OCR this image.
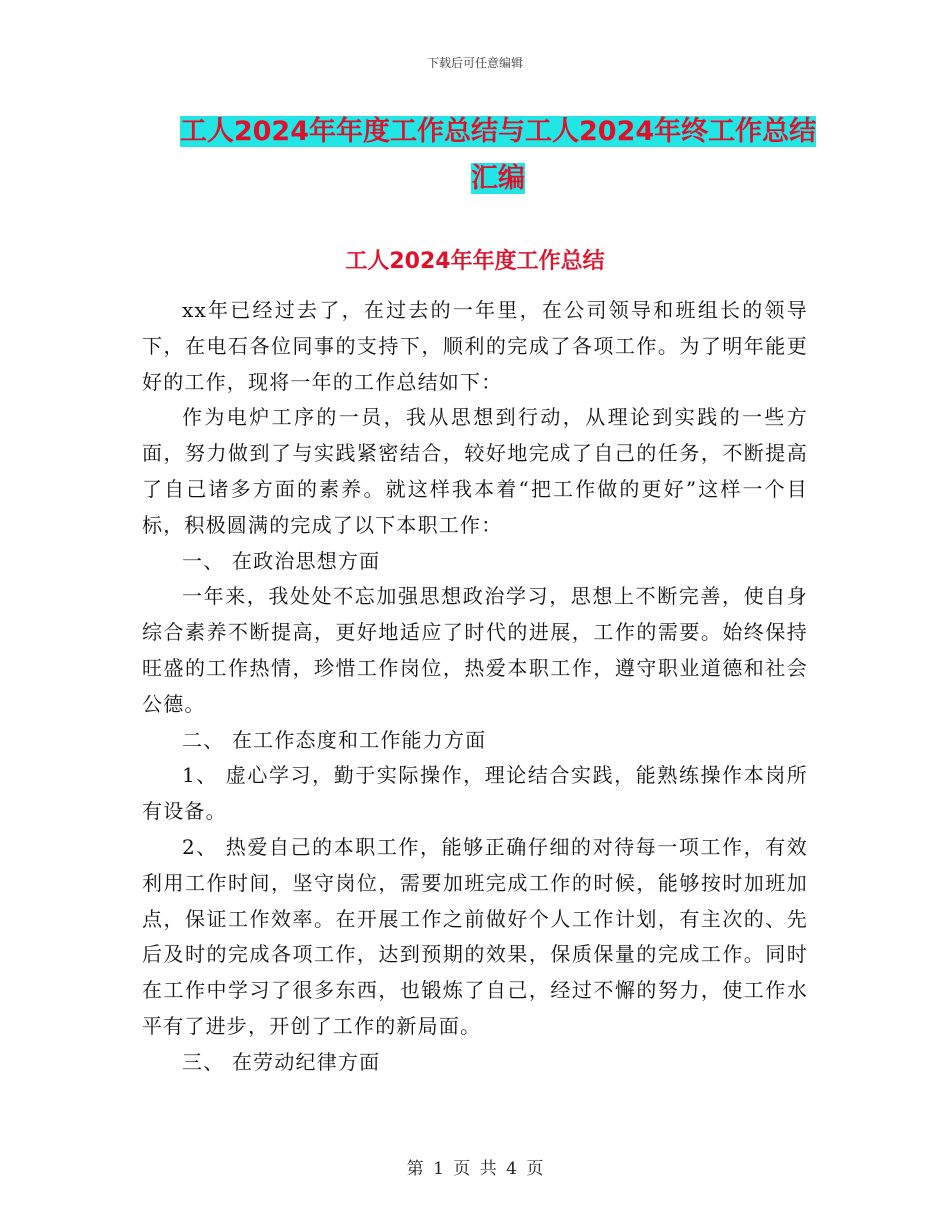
下载后可任意编辑
工人2024年年度工作总结与工人2024年终工作总结
汇编
工人2024年年度工作总结

xx年已经过去了，在过去的一年里，在公司领导和班组长的领导下，在电石各位同事的支持下，顺利的完成了各项工作。为了明年能更好的工作，现将一年的工作总结如下：

作为电炉工序的一员，我从思想到行动，从理论到实践的一些方面，努力做到了与实践紧密结合，较好地完成了自己的任务，不断提高了自己诸多方面的素养。就这样我本着“把工作做的更好”这样一个目标，积极圆满的完成了以下本职工作：

一、 在政治思想方面

一年来，我处处不忘加强思想政治学习，思想上不断完善，使自身综合素养不断提高，更好地适应了时代的进展，工作的需要。始终保持旺盛的工作热情，珍惜工作岗位，热爱本职工作，遵守职业道德和社会公德。

二、 在工作态度和工作能力方面

1、 虚心学习，勤于实际操作，理论结合实践，能熟练操作本岗所有设备。

2、 热爱自己的本职工作，能够正确仔细的对待每一项工作，有效利用工作时间，坚守岗位，需要加班完成工作的时候，能够按时加班加点，保证工作效率。在开展工作之前做好个人工作计划，有主次的、先后及时的完成各项工作，达到预期的效果，保质保量的完成工作。同时在工作中学习了很多东西，也锻炼了自己，经过不懈的努力，使工作水平有了进步，开创了工作的新局面。

三、 在劳动纪律方面

第 1 页 共 4 页
